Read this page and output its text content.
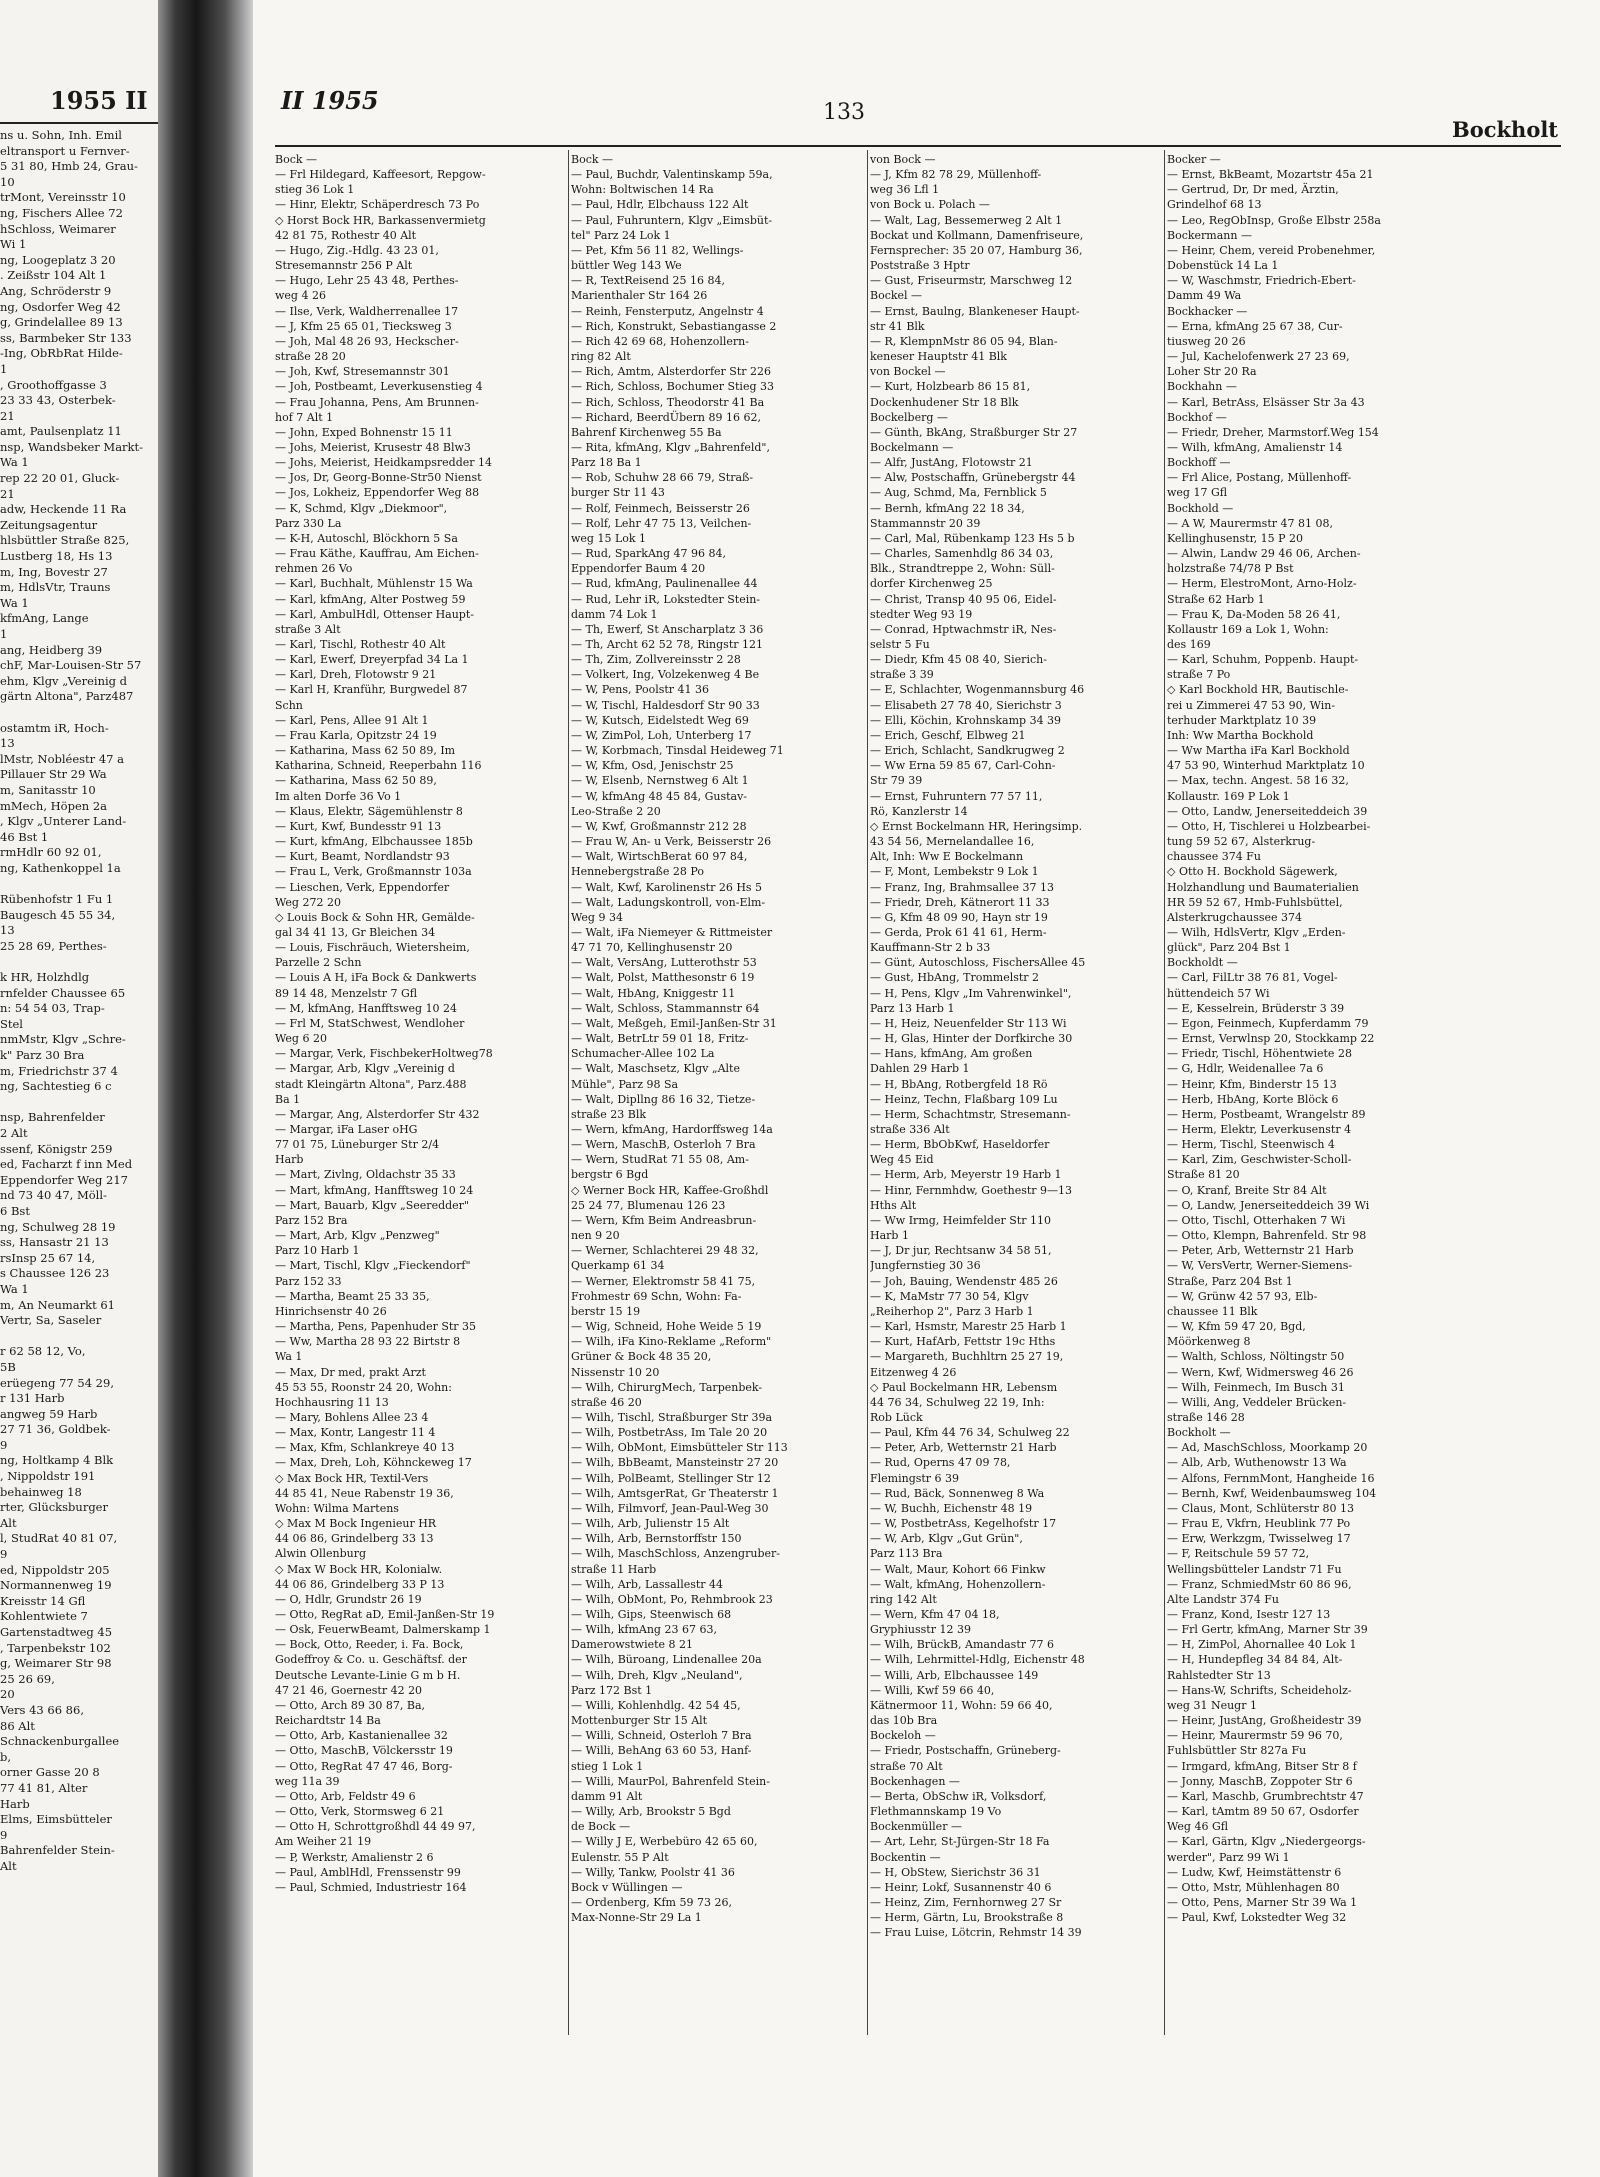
1955 II
ns u. Sohn, Inh. Emil
eltransport u Fernver-
5 31 80, Hmb 24, Grau-
10
trMont, Vereinsstr 10
ng, Fischers Allee 72
hSchloss, Weimarer
Wi 1
ng, Loogeplatz 3 20
. Zeißstr 104 Alt 1
Ang, Schröderstr 9
ng, Osdorfer Weg 42
g, Grindelallee 89 13
ss, Barmbeker Str 133
-Ing, ObRbRat Hilde-
1
, Groothoffgasse 3
23 33 43, Osterbek-
21
amt, Paulsenplatz 11
nsp, Wandsbeker Markt-
Wa 1
rep 22 20 01, Gluck-
21
adw, Heckende 11 Ra
Zeitungsagentur
hlsbüttler Straße 825,
Lustberg 18, Hs 13
m, Ing, Bovestr 27
m, HdlsVtr, Trauns
Wa 1
kfmAng, Lange
1
ang, Heidberg 39
chF, Mar-Louisen-Str 57
ehm, Klgv „Vereinig d
gärtn Altona", Parz487

ostamtm iR, Hoch-
13
lMstr, Nobléestr 47 a
Pillauer Str 29 Wa
m, Sanitasstr 10
mMech, Höpen 2a
, Klgv „Unterer Land-
46 Bst 1
rmHdlr 60 92 01,
ng, Kathenkoppel 1a

Rübenhofstr 1 Fu 1
Baugesch 45 55 34,
13
25 28 69, Perthes-

k HR, Holzhdlg
rnfelder Chaussee 65
n: 54 54 03, Trap-
Stel
nmMstr, Klgv „Schre-
k" Parz 30 Bra
m, Friedrichstr 37 4
ng, Sachtestieg 6 c

nsp, Bahrenfelder
2 Alt
ssenf, Königstr 259
ed, Facharzt f inn Med
Eppendorfer Weg 217
nd 73 40 47, Möll-
6 Bst
ng, Schulweg 28 19
ss, Hansastr 21 13
rsInsp 25 67 14,
s Chaussee 126 23
Wa 1
m, An Neumarkt 61
Vertr, Sa, Saseler

r 62 58 12, Vo,
5B
erüegeng 77 54 29,
r 131 Harb
angweg 59 Harb
27 71 36, Goldbek-
9
ng, Holtkamp 4 Blk
, Nippoldstr 191
behainweg 18
rter, Glücksburger
Alt
l, StudRat 40 81 07,
9
ed, Nippoldstr 205
Normannenweg 19
Kreisstr 14 Gfl
Kohlentwiete 7
Gartenstadtweg 45
, Tarpenbekstr 102
g, Weimarer Str 98
25 26 69,
20
Vers 43 66 86,
86 Alt
Schnackenburgallee
b,
orner Gasse 20 8
77 41 81, Alter
Harb
Elms, Eimsbütteler
9
Bahrenfelder Stein-
Alt
II 1955	133
Bockholt
Bock —
— Frl Hildegard, Kaffeesort, Repgow-
stieg 36 Lok 1
— Hinr, Elektr, Schäperdresch 73 Po
◇ Horst Bock HR, Barkassenvermietg
42 81 75, Rothestr 40 Alt
— Hugo, Zig.-Hdlg. 43 23 01,
Stresemannstr 256 P Alt
— Hugo, Lehr 25 43 48, Perthes-
weg 4 26
— Ilse, Verk, Waldherrenallee 17
— J, Kfm 25 65 01, Tiecksweg 3
— Joh, Mal 48 26 93, Heckscher-
straße 28 20
— Joh, Kwf, Stresemannstr 301
— Joh, Postbeamt, Leverkusenstieg 4
— Frau Johanna, Pens, Am Brunnen-
hof 7 Alt 1
— John, Exped Bohnenstr 15 11
— Johs, Meierist, Krusestr 48 Blw3
— Johs, Meierist, Heidkampsredder 14
— Jos, Dr, Georg-Bonne-Str50 Nienst
— Jos, Lokheiz, Eppendorfer Weg 88
— K, Schmd, Klgv „Diekmoor",
Parz 330 La
— K-H, Autoschl, Blöckhorn 5 Sa
— Frau Käthe, Kauffrau, Am Eichen-
rehmen 26 Vo
— Karl, Buchhalt, Mühlenstr 15 Wa
— Karl, kfmAng, Alter Postweg 59
— Karl, AmbulHdl, Ottenser Haupt-
straße 3 Alt
— Karl, Tischl, Rothestr 40 Alt
— Karl, Ewerf, Dreyerpfad 34 La 1
— Karl, Dreh, Flotowstr 9 21
— Karl H, Kranführ, Burgwedel 87
Schn
— Karl, Pens, Allee 91 Alt 1
— Frau Karla, Opitzstr 24 19
— Katharina, Mass 62 50 89, Im
Katharina, Schneid, Reeperbahn 116
— Katharina, Mass 62 50 89,
Im alten Dorfe 36 Vo 1
— Klaus, Elektr, Sägemühlenstr 8
— Kurt, Kwf, Bundesstr 91 13
— Kurt, kfmAng, Elbchaussee 185b
— Kurt, Beamt, Nordlandstr 93
— Frau L, Verk, Großmannstr 103a
— Lieschen, Verk, Eppendorfer
Weg 272 20
◇ Louis Bock & Sohn HR, Gemälde-
gal 34 41 13, Gr Bleichen 34
— Louis, Fischräuch, Wietersheim,
Parzelle 2 Schn
— Louis A H, iFa Bock & Dankwerts
89 14 48, Menzelstr 7 Gfl
— M, kfmAng, Hanfftsweg 10 24
— Frl M, StatSchwest, Wendloher
Weg 6 20
— Margar, Verk, FischbekerHoltweg78
— Margar, Arb, Klgv „Vereinig d
stadt Kleingärtn Altona", Parz.488
Ba 1
— Margar, Ang, Alsterdorfer Str 432
— Margar, iFa Laser oHG
77 01 75, Lüneburger Str 2/4
Harb
— Mart, Zivlng, Oldachstr 35 33
— Mart, kfmAng, Hanfftsweg 10 24
— Mart, Bauarb, Klgv „Seeredder"
Parz 152 Bra
— Mart, Arb, Klgv „Penzweg"
Parz 10 Harb 1
— Mart, Tischl, Klgv „Fieckendorf"
Parz 152 33
— Martha, Beamt 25 33 35,
Hinrichsenstr 40 26
— Martha, Pens, Papenhuder Str 35
— Ww, Martha 28 93 22 Birtstr 8
Wa 1
— Max, Dr med, prakt Arzt
45 53 55, Roonstr 24 20, Wohn:
Hochhausring 11 13
— Mary, Bohlens Allee 23 4
— Max, Kontr, Langestr 11 4
— Max, Kfm, Schlankreye 40 13
— Max, Dreh, Loh, Köhnckeweg 17
◇ Max Bock HR, Textil-Vers
44 85 41, Neue Rabenstr 19 36,
Wohn: Wilma Martens
◇ Max M Bock Ingenieur HR
44 06 86, Grindelberg 33 13
Alwin Ollenburg
◇ Max W Bock HR, Kolonialw.
44 06 86, Grindelberg 33 P 13
— O, Hdlr, Grundstr 26 19
— Otto, RegRat aD, Emil-Janßen-Str 19
— Osk, FeuerwBeamt, Dalmerskamp 1
— Bock, Otto, Reeder, i. Fa. Bock,
Godeffroy & Co. u. Geschäftsf. der
Deutsche Levante-Linie G m b H.
47 21 46, Goernestr 42 20
— Otto, Arch 89 30 87, Ba,
Reichardtstr 14 Ba
— Otto, Arb, Kastanienallee 32
— Otto, MaschB, Völckersstr 19
— Otto, RegRat 47 47 46, Borg-
weg 11a 39
— Otto, Arb, Feldstr 49 6
— Otto, Verk, Stormsweg 6 21
— Otto H, Schrottgroßhdl 44 49 97,
Am Weiher 21 19
— P, Werkstr, Amalienstr 2 6
— Paul, AmblHdl, Frenssenstr 99
— Paul, Schmied, Industriestr 164
Bock —
— Paul, Buchdr, Valentinskamp 59a,
Wohn: Boltwischen 14 Ra
— Paul, Hdlr, Elbchauss 122 Alt
— Paul, Fuhruntern, Klgv „Eimsbüt-
tel" Parz 24 Lok 1
— Pet, Kfm 56 11 82, Wellings-
büttler Weg 143 We
— R, TextReisend 25 16 84,
Marienthaler Str 164 26
— Reinh, Fensterputz, Angelnstr 4
— Rich, Konstrukt, Sebastiangasse 2
— Rich 42 69 68, Hohenzollern-
ring 82 Alt
— Rich, Amtm, Alsterdorfer Str 226
— Rich, Schloss, Bochumer Stieg 33
— Rich, Schloss, Theodorstr 41 Ba
— Richard, BeerdÜbern 89 16 62,
Bahrenf Kirchenweg 55 Ba
— Rita, kfmAng, Klgv „Bahrenfeld",
Parz 18 Ba 1
— Rob, Schuhw 28 66 79, Straß-
burger Str 11 43
— Rolf, Feinmech, Beisserstr 26
— Rolf, Lehr 47 75 13, Veilchen-
weg 15 Lok 1
— Rud, SparkAng 47 96 84,
Eppendorfer Baum 4 20
— Rud, kfmAng, Paulinenallee 44
— Rud, Lehr iR, Lokstedter Stein-
damm 74 Lok 1
— Th, Ewerf, St Anscharplatz 3 36
— Th, Archt 62 52 78, Ringstr 121
— Th, Zim, Zollvereinsstr 2 28
— Volkert, Ing, Volzekenweg 4 Be
— W, Pens, Poolstr 41 36
— W, Tischl, Haldesdorf Str 90 33
— W, Kutsch, Eidelstedt Weg 69
— W, ZimPol, Loh, Unterberg 17
— W, Korbmach, Tinsdal Heideweg 71
— W, Kfm, Osd, Jenischstr 25
— W, Elsenb, Nernstweg 6 Alt 1
— W, kfmAng 48 45 84, Gustav-
Leo-Straße 2 20
— W, Kwf, Großmannstr 212 28
— Frau W, An- u Verk, Beisserstr 26
— Walt, WirtschBerat 60 97 84,
Hennebergstraße 28 Po
— Walt, Kwf, Karolinenstr 26 Hs 5
— Walt, Ladungskontroll, von-Elm-
Weg 9 34
— Walt, iFa Niemeyer & Rittmeister
47 71 70, Kellinghusenstr 20
— Walt, VersAng, Lutterothstr 53
— Walt, Polst, Matthesonstr 6 19
— Walt, HbAng, Kniggestr 11
— Walt, Schloss, Stammannstr 64
— Walt, Meßgeh, Emil-Janßen-Str 31
— Walt, BetrLtr 59 01 18, Fritz-
Schumacher-Allee 102 La
— Walt, Maschsetz, Klgv „Alte
Mühle", Parz 98 Sa
— Walt, Dipllng 86 16 32, Tietze-
straße 23 Blk
— Wern, kfmAng, Hardorffsweg 14a
— Wern, MaschB, Osterloh 7 Bra
— Wern, StudRat 71 55 08, Am-
bergstr 6 Bgd
◇ Werner Bock HR, Kaffee-Großhdl
25 24 77, Blumenau 126 23
— Wern, Kfm Beim Andreasbrun-
nen 9 20
— Werner, Schlachterei 29 48 32,
Querkamp 61 34
— Werner, Elektromstr 58 41 75,
Frohmestr 69 Schn, Wohn: Fa-
berstr 15 19
— Wig, Schneid, Hohe Weide 5 19
— Wilh, iFa Kino-Reklame „Reform"
Grüner & Bock 48 35 20,
Nissenstr 10 20
— Wilh, ChirurgMech, Tarpenbek-
straße 46 20
— Wilh, Tischl, Straßburger Str 39a
— Wilh, PostbetrAss, Im Tale 20 20
— Wilh, ObMont, Eimsbütteler Str 113
— Wilh, BbBeamt, Mansteinstr 27 20
— Wilh, PolBeamt, Stellinger Str 12
— Wilh, AmtsgerRat, Gr Theaterstr 1
— Wilh, Filmvorf, Jean-Paul-Weg 30
— Wilh, Arb, Julienstr 15 Alt
— Wilh, Arb, Bernstorffstr 150
— Wilh, MaschSchloss, Anzengruber-
straße 11 Harb
— Wilh, Arb, Lassallestr 44
— Wilh, ObMont, Po, Rehmbrook 23
— Wilh, Gips, Steenwisch 68
— Wilh, kfmAng 23 67 63,
Damerowstwiete 8 21
— Wilh, Büroang, Lindenallee 20a
— Wilh, Dreh, Klgv „Neuland",
Parz 172 Bst 1
— Willi, Kohlenhdlg. 42 54 45,
Mottenburger Str 15 Alt
— Willi, Schneid, Osterloh 7 Bra
— Willi, BehAng 63 60 53, Hanf-
stieg 1 Lok 1
— Willi, MaurPol, Bahrenfeld Stein-
damm 91 Alt
— Willy, Arb, Brookstr 5 Bgd
de Bock —
— Willy J E, Werbebüro 42 65 60,
Eulenstr. 55 P Alt
— Willy, Tankw, Poolstr 41 36
Bock v Wüllingen —
— Ordenberg, Kfm 59 73 26,
Max-Nonne-Str 29 La 1
von Bock —
— J, Kfm 82 78 29, Müllenhoff-
weg 36 Lfl 1
von Bock u. Polach —
— Walt, Lag, Bessemerweg 2 Alt 1
Bockat und Kollmann, Damenfriseure,
Fernsprecher: 35 20 07, Hamburg 36,
Poststraße 3 Hptr
— Gust, Friseurmstr, Marschweg 12
Bockel —
— Ernst, Baulng, Blankeneser Haupt-
str 41 Blk
— R, KlempnMstr 86 05 94, Blan-
keneser Hauptstr 41 Blk
von Bockel —
— Kurt, Holzbearb 86 15 81,
Dockenhudener Str 18 Blk
Bockelberg —
— Günth, BkAng, Straßburger Str 27
Bockelmann —
— Alfr, JustAng, Flotowstr 21
— Alw, Postschaffn, Grünebergstr 44
— Aug, Schmd, Ma, Fernblick 5
— Bernh, kfmAng 22 18 34,
Stammannstr 20 39
— Carl, Mal, Rübenkamp 123 Hs 5 b
— Charles, Samenhdlg 86 34 03,
Blk., Strandtreppe 2, Wohn: Süll-
dorfer Kirchenweg 25
— Christ, Transp 40 95 06, Eidel-
stedter Weg 93 19
— Conrad, Hptwachmstr iR, Nes-
selstr 5 Fu
— Diedr, Kfm 45 08 40, Sierich-
straße 3 39
— E, Schlachter, Wogenmannsburg 46
— Elisabeth 27 78 40, Sierichstr 3
— Elli, Köchin, Krohnskamp 34 39
— Erich, Geschf, Elbweg 21
— Erich, Schlacht, Sandkrugweg 2
— Ww Erna 59 85 67, Carl-Cohn-
Str 79 39
— Ernst, Fuhruntern 77 57 11,
Rö, Kanzlerstr 14
◇ Ernst Bockelmann HR, Heringsimp.
43 54 56, Mernelandallee 16,
Alt, Inh: Ww E Bockelmann
— F, Mont, Lembekstr 9 Lok 1
— Franz, Ing, Brahmsallee 37 13
— Friedr, Dreh, Kätnerort 11 33
— G, Kfm 48 09 90, Hayn str 19
— Gerda, Prok 61 41 61, Herm-
Kauffmann-Str 2 b 33
— Günt, Autoschloss, FischersAllee 45
— Gust, HbAng, Trommelstr 2
— H, Pens, Klgv „Im Vahrenwinkel",
Parz 13 Harb 1
— H, Heiz, Neuenfelder Str 113 Wi
— H, Glas, Hinter der Dorfkirche 30
— Hans, kfmAng, Am großen
Dahlen 29 Harb 1
— H, BbAng, Rotbergfeld 18 Rö
— Heinz, Techn, Flaßbarg 109 Lu
— Herm, Schachtmstr, Stresemann-
straße 336 Alt
— Herm, BbObKwf, Haseldorfer
Weg 45 Eid
— Herm, Arb, Meyerstr 19 Harb 1
— Hinr, Fernmhdw, Goethestr 9—13
Hths Alt
— Ww Irmg, Heimfelder Str 110
Harb 1
— J, Dr jur, Rechtsanw 34 58 51,
Jungfernstieg 30 36
— Joh, Bauing, Wendenstr 485 26
— K, MaMstr 77 30 54, Klgv
„Reiherhop 2", Parz 3 Harb 1
— Karl, Hsmstr, Marestr 25 Harb 1
— Kurt, HafArb, Fettstr 19c Hths
— Margareth, Buchhltrn 25 27 19,
Eitzenweg 4 26
◇ Paul Bockelmann HR, Lebensm
44 76 34, Schulweg 22 19, Inh:
Rob Lück
— Paul, Kfm 44 76 34, Schulweg 22
— Peter, Arb, Wetternstr 21 Harb
— Rud, Operns 47 09 78,
Flemingstr 6 39
— Rud, Bäck, Sonnenweg 8 Wa
— W, Buchh, Eichenstr 48 19
— W, PostbetrAss, Kegelhofstr 17
— W, Arb, Klgv „Gut Grün",
Parz 113 Bra
— Walt, Maur, Kohort 66 Finkw
— Walt, kfmAng, Hohenzollern-
ring 142 Alt
— Wern, Kfm 47 04 18,
Gryphiusstr 12 39
— Wilh, BrückB, Amandastr 77 6
— Wilh, Lehrmittel-Hdlg, Eichenstr 48
— Willi, Arb, Elbchaussee 149
— Willi, Kwf 59 66 40,
Kätnermoor 11, Wohn: 59 66 40,
das 10b Bra
Bockeloh —
— Friedr, Postschaffn, Grüneberg-
straße 70 Alt
Bockenhagen —
— Berta, ObSchw iR, Volksdorf,
Flethmannskamp 19 Vo
Bockenmüller —
— Art, Lehr, St-Jürgen-Str 18 Fa
Bockentin —
— H, ObStew, Sierichstr 36 31
— Heinr, Lokf, Susannenstr 40 6
— Heinz, Zim, Fernhornweg 27 Sr
— Herm, Gärtn, Lu, Brookstraße 8
— Frau Luise, Lötcrin, Rehmstr 14 39
Bocker —
— Ernst, BkBeamt, Mozartstr 45a 21
— Gertrud, Dr, Dr med, Ärztin,
Grindelhof 68 13
— Leo, RegObInsp, Große Elbstr 258a
Bockermann —
— Heinr, Chem, vereid Probenehmer,
Dobenstück 14 La 1
— W, Waschmstr, Friedrich-Ebert-
Damm 49 Wa
Bockhacker —
— Erna, kfmAng 25 67 38, Cur-
tiusweg 20 26
— Jul, Kachelofenwerk 27 23 69,
Loher Str 20 Ra
Bockhahn —
— Karl, BetrAss, Elsässer Str 3a 43
Bockhof —
— Friedr, Dreher, Marmstorf.Weg 154
— Wilh, kfmAng, Amalienstr 14
Bockhoff —
— Frl Alice, Postang, Müllenhoff-
weg 17 Gfl
Bockhold —
— A W, Maurermstr 47 81 08,
Kellinghusenstr, 15 P 20
— Alwin, Landw 29 46 06, Archen-
holzstraße 74/78 P Bst
— Herm, ElestroMont, Arno-Holz-
Straße 62 Harb 1
— Frau K, Da-Moden 58 26 41,
Kollaustr 169 a Lok 1, Wohn:
des 169
— Karl, Schuhm, Poppenb. Haupt-
straße 7 Po
◇ Karl Bockhold HR, Bautischle-
rei u Zimmerei 47 53 90, Win-
terhuder Marktplatz 10 39
Inh: Ww Martha Bockhold
— Ww Martha iFa Karl Bockhold
47 53 90, Winterhud Marktplatz 10
— Max, techn. Angest. 58 16 32,
Kollaustr. 169 P Lok 1
— Otto, Landw, Jenerseiteddeich 39
— Otto, H, Tischlerei u Holzbearbei-
tung 59 52 67, Alsterkrug-
chaussee 374 Fu
◇ Otto H. Bockhold Sägewerk,
Holzhandlung und Baumaterialien
HR 59 52 67, Hmb-Fuhlsbüttel,
Alsterkrugchaussee 374
— Wilh, HdlsVertr, Klgv „Erden-
glück", Parz 204 Bst 1
Bockholdt —
— Carl, FilLtr 38 76 81, Vogel-
hüttendeich 57 Wi
— E, Kesselrein, Brüderstr 3 39
— Egon, Feinmech, Kupferdamm 79
— Ernst, Verwlnsp 20, Stockkamp 22
— Friedr, Tischl, Höhentwiete 28
— G, Hdlr, Weidenallee 7a 6
— Heinr, Kfm, Binderstr 15 13
— Herb, HbAng, Korte Blöck 6
— Herm, Postbeamt, Wrangelstr 89
— Herm, Elektr, Leverkusenstr 4
— Herm, Tischl, Steenwisch 4
— Karl, Zim, Geschwister-Scholl-
Straße 81 20
— O, Kranf, Breite Str 84 Alt
— O, Landw, Jenerseiteddeich 39 Wi
— Otto, Tischl, Otterhaken 7 Wi
— Otto, Klempn, Bahrenfeld. Str 98
— Peter, Arb, Wetternstr 21 Harb
— W, VersVertr, Werner-Siemens-
Straße, Parz 204 Bst 1
— W, Grünw 42 57 93, Elb-
chaussee 11 Blk
— W, Kfm 59 47 20, Bgd,
Möörkenweg 8
— Walth, Schloss, Nöltingstr 50
— Wern, Kwf, Widmersweg 46 26
— Wilh, Feinmech, Im Busch 31
— Willi, Ang, Veddeler Brücken-
straße 146 28
Bockholt —
— Ad, MaschSchloss, Moorkamp 20
— Alb, Arb, Wuthenowstr 13 Wa
— Alfons, FernmMont, Hangheide 16
— Bernh, Kwf, Weidenbaumsweg 104
— Claus, Mont, Schlüterstr 80 13
— Frau E, Vkfrn, Heublink 77 Po
— Erw, Werkzgm, Twisselweg 17
— F, Reitschule 59 57 72,
Wellingsbütteler Landstr 71 Fu
— Franz, SchmiedMstr 60 86 96,
Alte Landstr 374 Fu
— Franz, Kond, Isestr 127 13
— Frl Gertr, kfmAng, Marner Str 39
— H, ZimPol, Ahornallee 40 Lok 1
— H, Hundepfleg 34 84 84, Alt-
Rahlstedter Str 13
— Hans-W, Schrifts, Scheideholz-
weg 31 Neugr 1
— Heinr, JustAng, Großheidestr 39
— Heinr, Maurermstr 59 96 70,
Fuhlsbüttler Str 827a Fu
— Irmgard, kfmAng, Bitser Str 8 f
— Jonny, MaschB, Zoppoter Str 6
— Karl, Maschb, Grumbrechtstr 47
— Karl, tAmtm 89 50 67, Osdorfer
Weg 46 Gfl
— Karl, Gärtn, Klgv „Niedergeorgs-
werder", Parz 99 Wi 1
— Ludw, Kwf, Heimstättenstr 6
— Otto, Mstr, Mühlenhagen 80
— Otto, Pens, Marner Str 39 Wa 1
— Paul, Kwf, Lokstedter Weg 32
